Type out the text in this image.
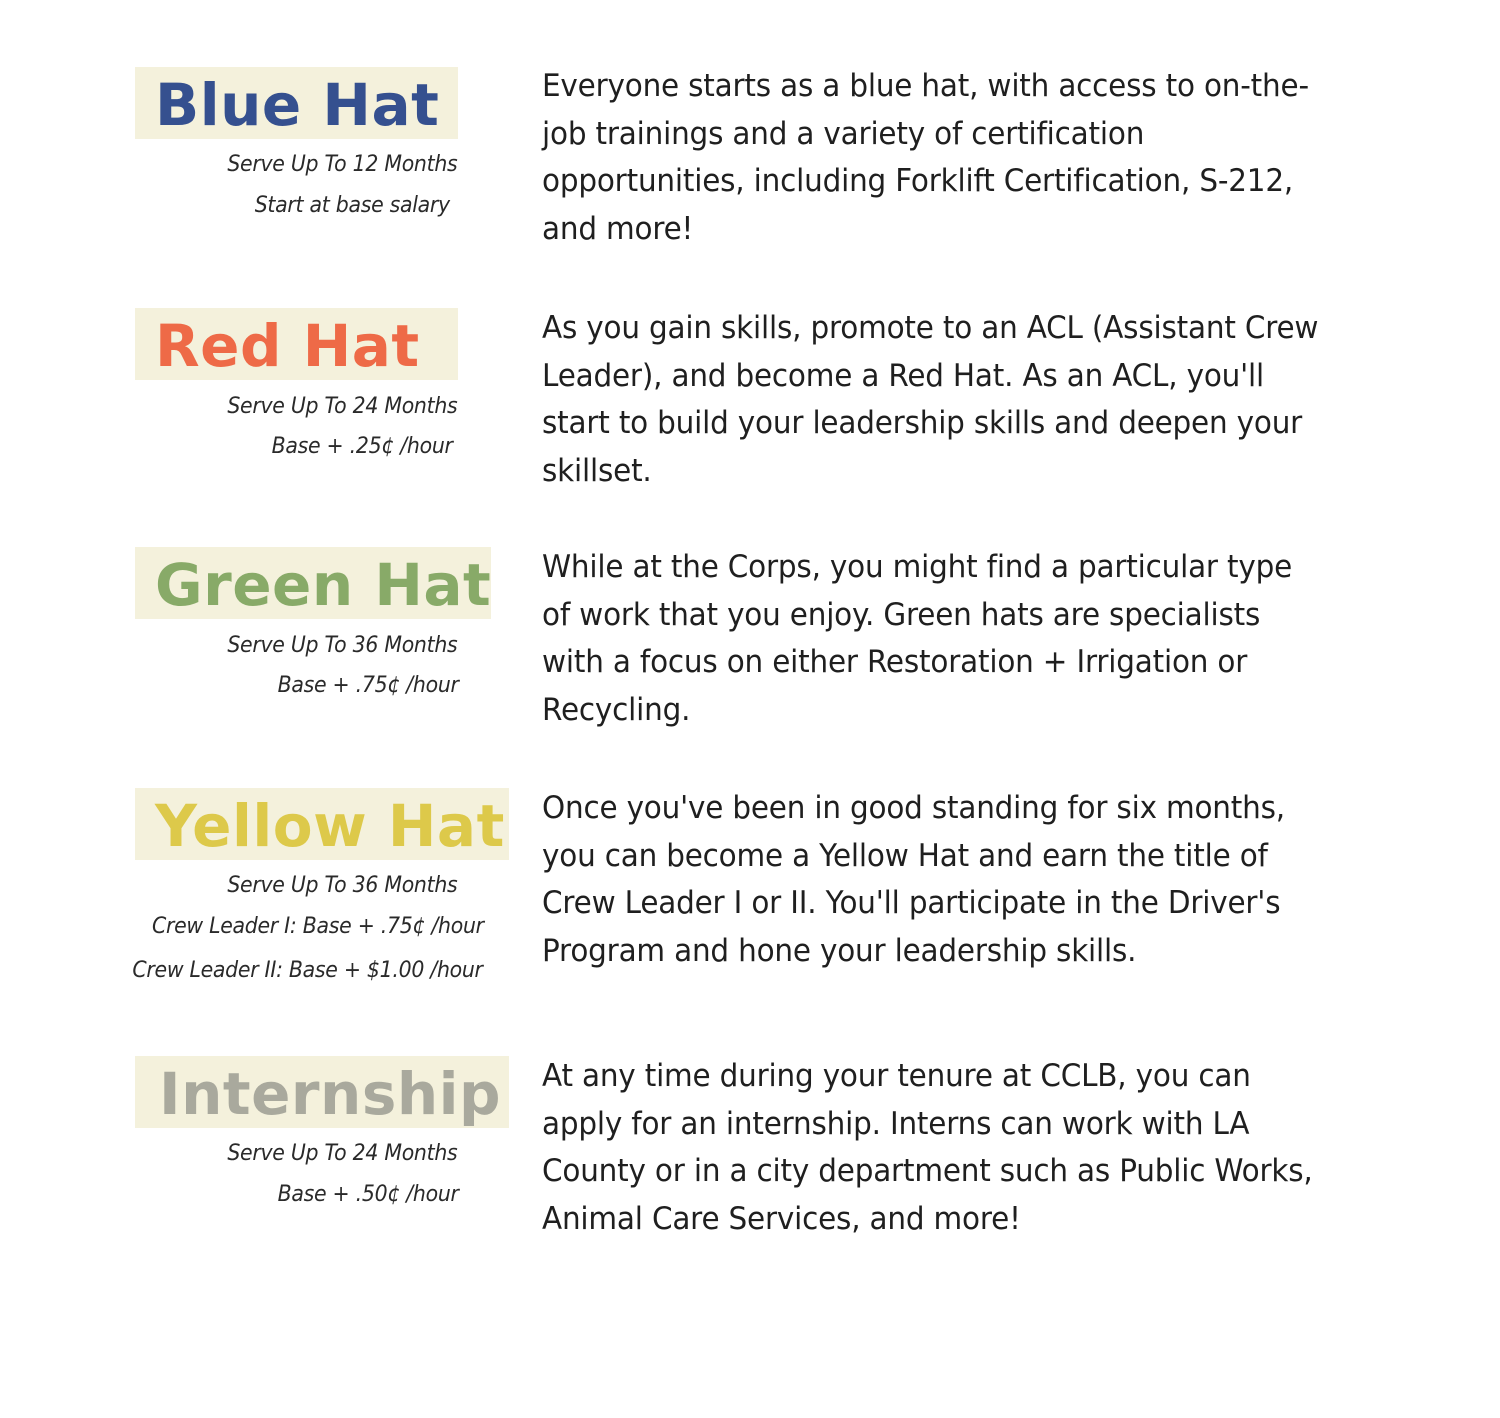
Blue Hat
Serve Up To 12 Months
Start at base salary
Everyone starts as a blue hat, with access to on-the-
job trainings and a variety of certification
opportunities, including Forklift Certification, S-212,
and more!
Red Hat
Serve Up To 24 Months
Base + .25¢ /hour
As you gain skills, promote to an ACL (Assistant Crew
Leader), and become a Red Hat. As an ACL, you'll
start to build your leadership skills and deepen your
skillset.
Green Hat
Serve Up To 36 Months
Base + .75¢ /hour
While at the Corps, you might find a particular type
of work that you enjoy. Green hats are specialists
with a focus on either Restoration + Irrigation or
Recycling.
Yellow Hat
Serve Up To 36 Months
Crew Leader I: Base + .75¢ /hour
Crew Leader II: Base + $1.00 /hour
Once you've been in good standing for six months,
you can become a Yellow Hat and earn the title of
Crew Leader I or II. You'll participate in the Driver's
Program and hone your leadership skills.
Internship
Serve Up To 24 Months
Base + .50¢ /hour
At any time during your tenure at CCLB, you can
apply for an internship. Interns can work with LA
County or in a city department such as Public Works,
Animal Care Services, and more!
